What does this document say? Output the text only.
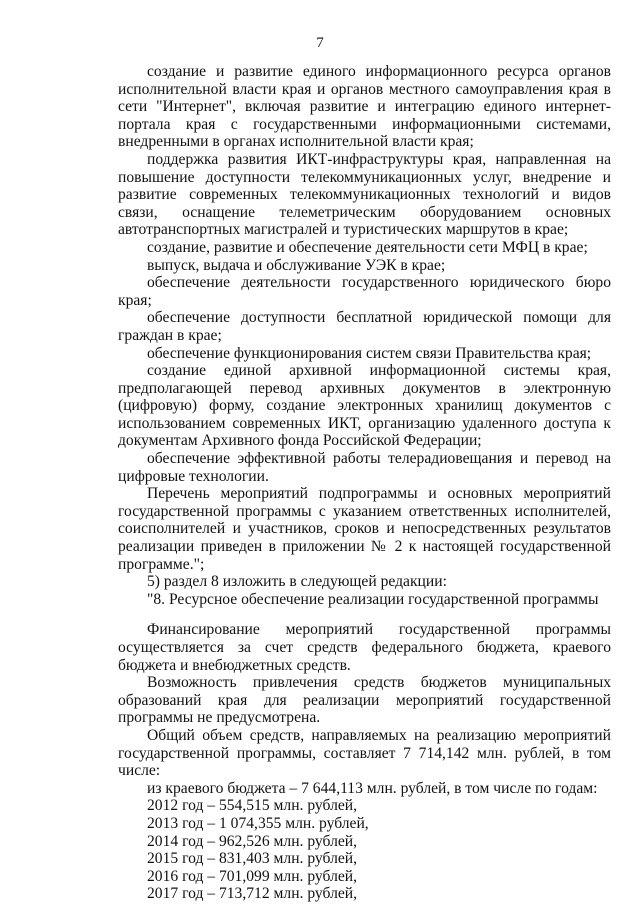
7

создание и развитие единого информационного ресурса органов исполнительной власти края и органов местного самоуправления края в сети "Интернет", включая развитие и интеграцию единого интернет-портала края с государственными информационными системами, внедренными в органах исполнительной власти края;

поддержка развития ИКТ-инфраструктуры края, направленная на повышение доступности телекоммуникационных услуг, внедрение и развитие современных телекоммуникационных технологий и видов связи, оснащение телеметрическим оборудованием основных автотранспортных магистралей и туристических маршрутов в крае;

создание, развитие и обеспечение деятельности сети МФЦ в крае;

выпуск, выдача и обслуживание УЭК в крае;

обеспечение деятельности государственного юридического бюро края;

обеспечение доступности бесплатной юридической помощи для граждан в крае;

обеспечение функционирования систем связи Правительства края;

создание единой архивной информационной системы края, предполагающей перевод архивных документов в электронную (цифровую) форму, создание электронных хранилищ документов с использованием современных ИКТ, организацию удаленного доступа к документам Архивного фонда Российской Федерации;

обеспечение эффективной работы телерадиовещания и перевод на цифровые технологии.

Перечень мероприятий подпрограммы и основных мероприятий государственной программы с указанием ответственных исполнителей, соисполнителей и участников, сроков и непосредственных результатов реализации приведен в приложении № 2 к настоящей государственной программе.";

5) раздел 8 изложить в следующей редакции:

"8. Ресурсное обеспечение реализации государственной программы

Финансирование мероприятий государственной программы осуществляется за счет средств федерального бюджета, краевого бюджета и внебюджетных средств.

Возможность привлечения средств бюджетов муниципальных образований края для реализации мероприятий государственной программы не предусмотрена.

Общий объем средств, направляемых на реализацию мероприятий государственной программы, составляет 7 714,142 млн. рублей, в том числе:

из краевого бюджета – 7 644,113 млн. рублей, в том числе по годам:

2012 год – 554,515 млн. рублей,

2013 год – 1 074,355 млн. рублей,

2014 год – 962,526 млн. рублей,

2015 год – 831,403 млн. рублей,

2016 год – 701,099 млн. рублей,

2017 год – 713,712 млн. рублей,
